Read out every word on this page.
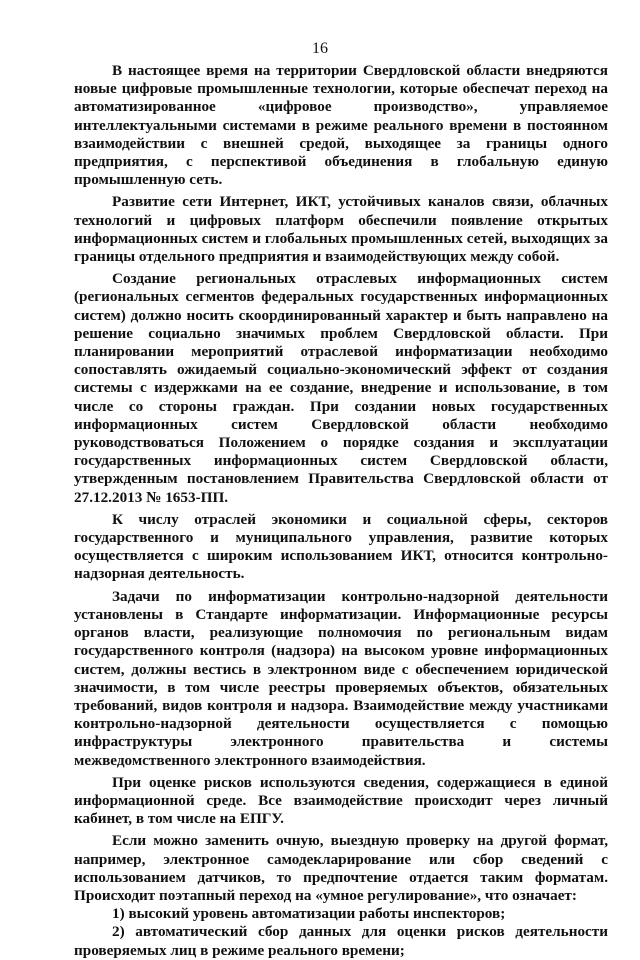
16

В настоящее время на территории Свердловской области внедряются новые цифровые промышленные технологии, которые обеспечат переход на автоматизированное «цифровое производство», управляемое интеллектуальными системами в режиме реального времени в постоянном взаимодействии с внешней средой, выходящее за границы одного предприятия, с перспективой объединения в глобальную единую промышленную сеть.

Развитие сети Интернет, ИКТ, устойчивых каналов связи, облачных технологий и цифровых платформ обеспечили появление открытых информационных систем и глобальных промышленных сетей, выходящих за границы отдельного предприятия и взаимодействующих между собой.

Создание региональных отраслевых информационных систем (региональных сегментов федеральных государственных информационных систем) должно носить скоординированный характер и быть направлено на решение социально значимых проблем Свердловской области. При планировании мероприятий отраслевой информатизации необходимо сопоставлять ожидаемый социально-экономический эффект от создания системы с издержками на ее создание, внедрение и использование, в том числе со стороны граждан. При создании новых государственных информационных систем Свердловской области необходимо руководствоваться Положением о порядке создания и эксплуатации государственных информационных систем Свердловской области, утвержденным постановлением Правительства Свердловской области от 27.12.2013 № 1653-ПП.

К числу отраслей экономики и социальной сферы, секторов государственного и муниципального управления, развитие которых осуществляется с широким использованием ИКТ, относится контрольно-надзорная деятельность.

Задачи по информатизации контрольно-надзорной деятельности установлены в Стандарте информатизации. Информационные ресурсы органов власти, реализующие полномочия по региональным видам государственного контроля (надзора) на высоком уровне информационных систем, должны вестись в электронном виде с обеспечением юридической значимости, в том числе реестры проверяемых объектов, обязательных требований, видов контроля и надзора. Взаимодействие между участниками контрольно-надзорной деятельности осуществляется с помощью инфраструктуры электронного правительства и системы межведомственного электронного взаимодействия.

При оценке рисков используются сведения, содержащиеся в единой информационной среде. Все взаимодействие происходит через личный кабинет, в том числе на ЕПГУ.

Если можно заменить очную, выездную проверку на другой формат, например, электронное самодекларирование или сбор сведений с использованием датчиков, то предпочтение отдается таким форматам. Происходит поэтапный переход на «умное регулирование», что означает:

1) высокий уровень автоматизации работы инспекторов;

2) автоматический сбор данных для оценки рисков деятельности проверяемых лиц в режиме реального времени;
